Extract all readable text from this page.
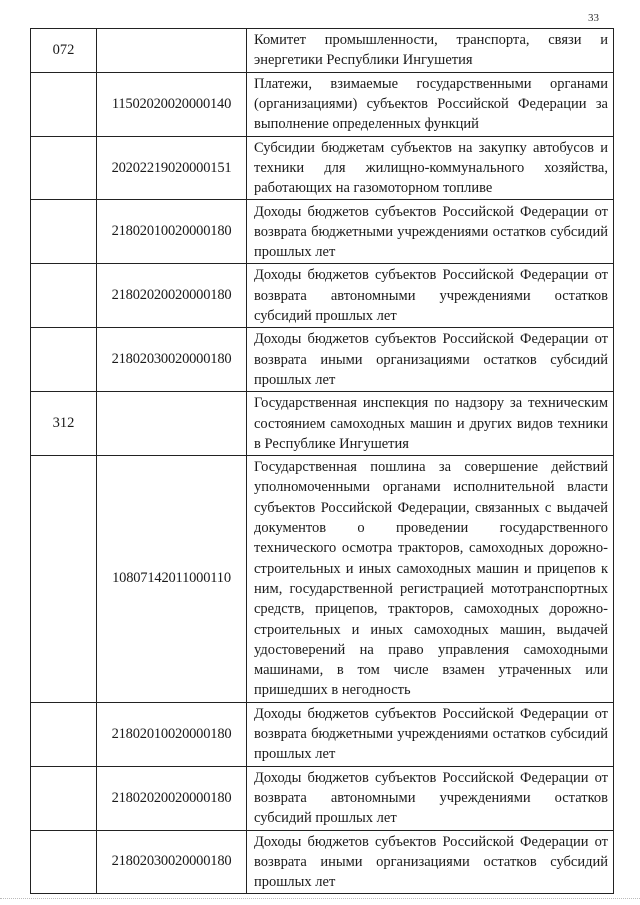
33
072		Комитет промышленности, транспорта, связи и энергетики Республики Ингушетия
	11502020020000140	Платежи, взимаемые государственными органами (организациями) субъектов Российской Федерации за выполнение определенных функций
	20202219020000151	Субсидии бюджетам субъектов на закупку автобусов и техники для жилищно-коммунального хозяйства, работающих на газомоторном топливе
	21802010020000180	Доходы бюджетов субъектов Российской Федерации от возврата бюджетными учреждениями остатков субсидий прошлых лет
	21802020020000180	Доходы бюджетов субъектов Российской Федерации от возврата автономными учреждениями остатков субсидий прошлых лет
	21802030020000180	Доходы бюджетов субъектов Российской Федерации от возврата иными организациями остатков субсидий прошлых лет
312		Государственная инспекция по надзору за техническим состоянием самоходных машин и других видов техники в Республике Ингушетия
	10807142011000110	Государственная пошлина за совершение действий уполномоченными органами исполнительной власти субъектов Российской Федерации, связанных с выдачей документов о проведении государственного технического осмотра тракторов, самоходных дорожно-строительных и иных самоходных машин и прицепов к ним, государственной регистрацией мототранспортных средств, прицепов, тракторов, самоходных дорожно-строительных и иных самоходных машин, выдачей удостоверений на право управления самоходными машинами, в том числе взамен утраченных или пришедших в негодность
	21802010020000180	Доходы бюджетов субъектов Российской Федерации от возврата бюджетными учреждениями остатков субсидий прошлых лет
	21802020020000180	Доходы бюджетов субъектов Российской Федерации от возврата автономными учреждениями остатков субсидий прошлых лет
	21802030020000180	Доходы бюджетов субъектов Российской Федерации от возврата иными организациями остатков субсидий прошлых лет
